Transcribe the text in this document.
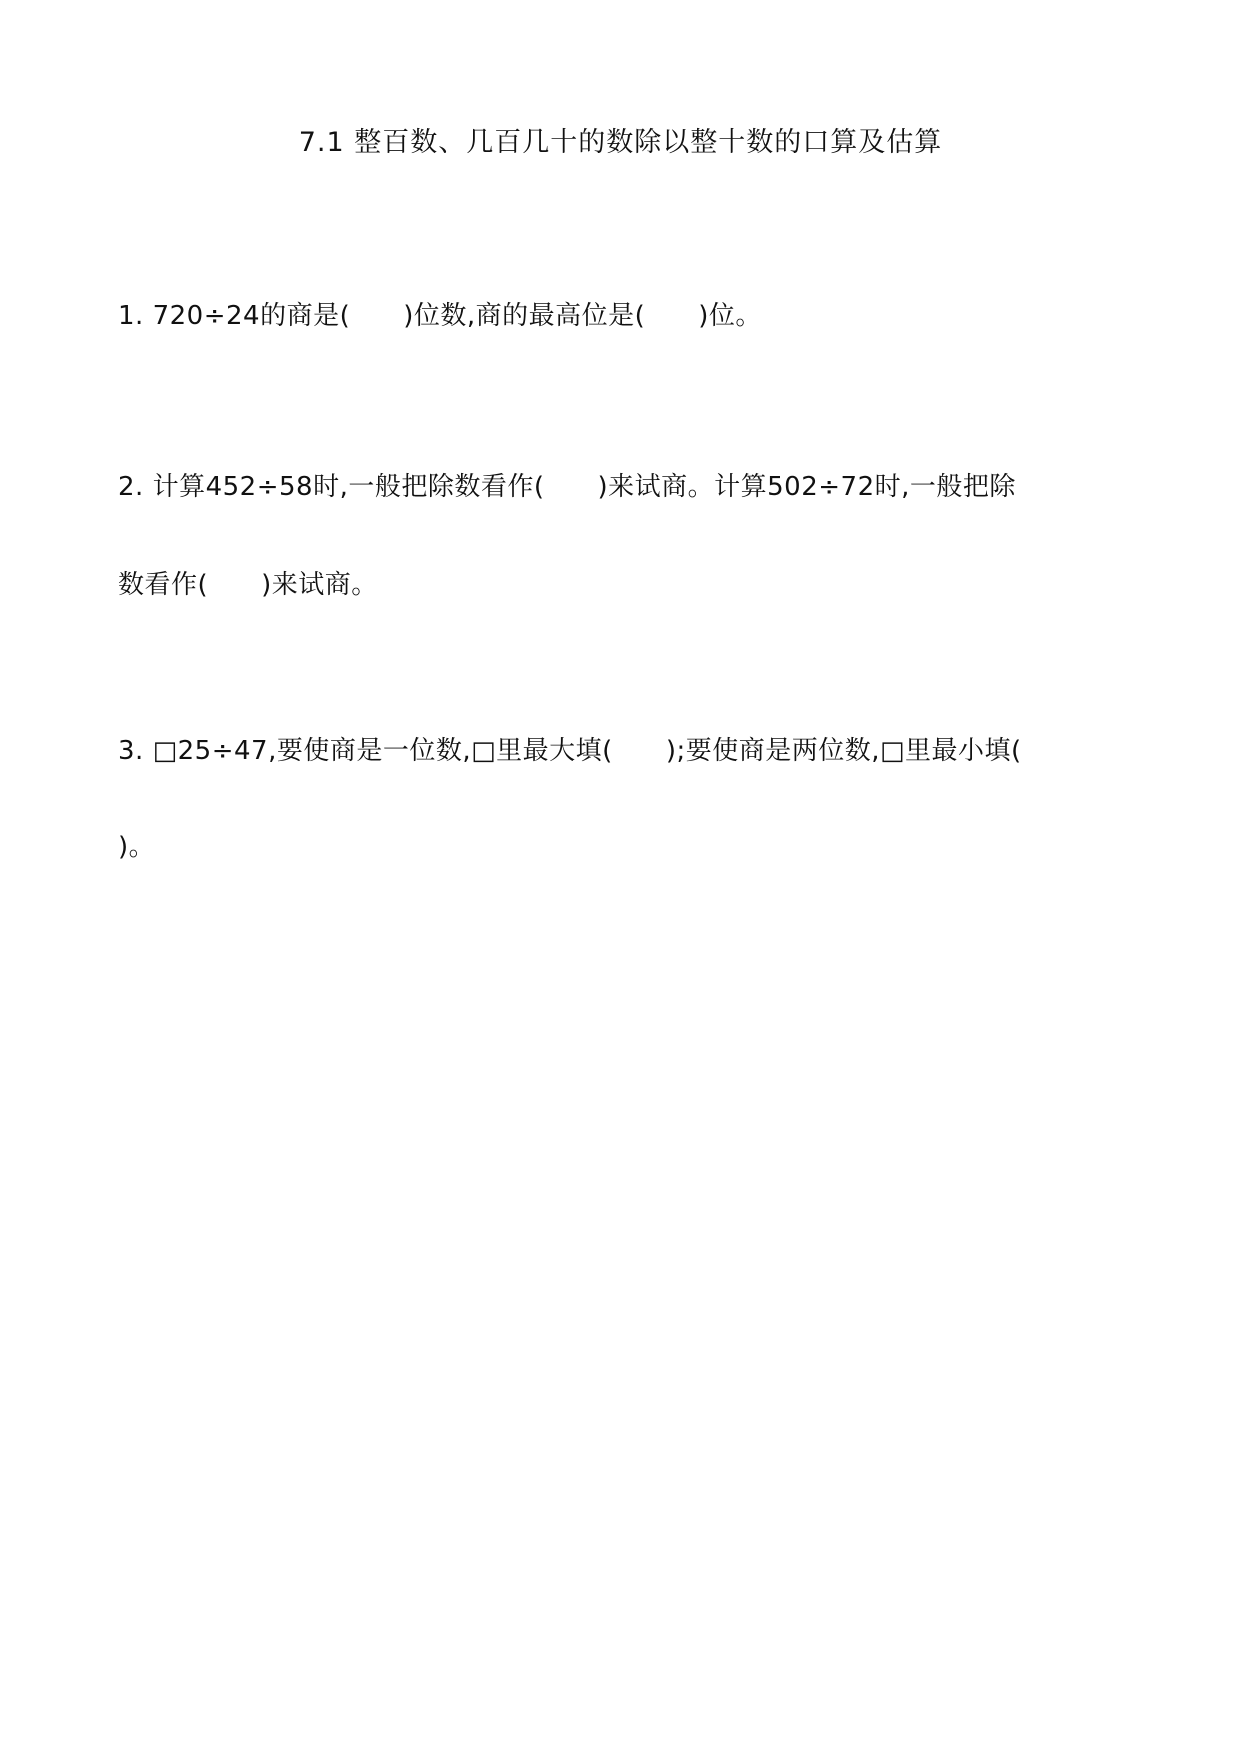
7.1 整百数、几百几十的数除以整十数的口算及估算
1. 720÷24的商是(　　)位数,商的最高位是(　　)位。
2. 计算452÷58时,一般把除数看作(　　)来试商。计算502÷72时,一般把除
数看作(　　)来试商。
3. □25÷47,要使商是一位数,□里最大填(　　);要使商是两位数,□里最小填(
)。
